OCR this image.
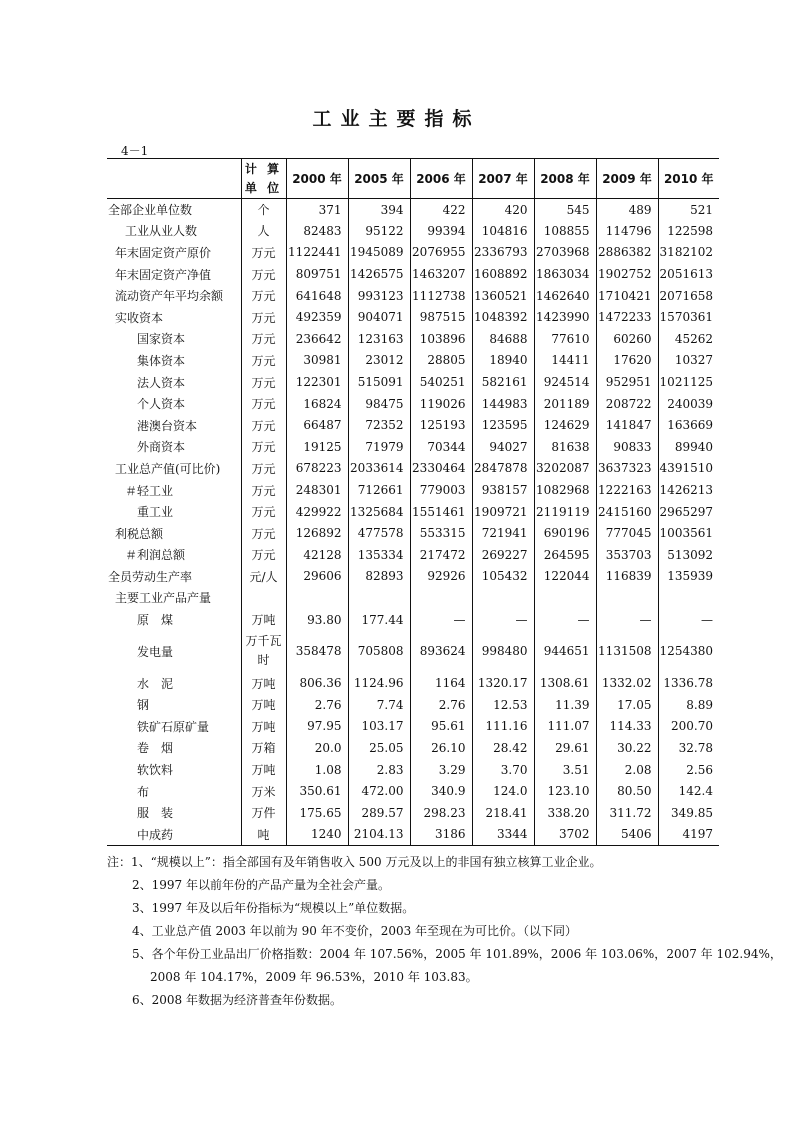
工业主要指标
4－1
	计 算 单 位	2000 年	2005 年	2006 年	2007 年	2008 年	2009 年	2010 年
全部企业单位数	个	371	394	422	420	545	489	521
工业从业人数	人	82483	95122	99394	104816	108855	114796	122598
年末固定资产原价	万元	1122441	1945089	2076955	2336793	2703968	2886382	3182102
年末固定资产净值	万元	809751	1426575	1463207	1608892	1863034	1902752	2051613
流动资产年平均余额	万元	641648	993123	1112738	1360521	1462640	1710421	2071658
实收资本	万元	492359	904071	987515	1048392	1423990	1472233	1570361
国家资本	万元	236642	123163	103896	84688	77610	60260	45262
集体资本	万元	30981	23012	28805	18940	14411	17620	10327
法人资本	万元	122301	515091	540251	582161	924514	952951	1021125
个人资本	万元	16824	98475	119026	144983	201189	208722	240039
港澳台资本	万元	66487	72352	125193	123595	124629	141847	163669
外商资本	万元	19125	71979	70344	94027	81638	90833	89940
工业总产值(可比价)	万元	678223	2033614	2330464	2847878	3202087	3637323	4391510
＃轻工业	万元	248301	712661	779003	938157	1082968	1222163	1426213
重工业	万元	429922	1325684	1551461	1909721	2119119	2415160	2965297
利税总额	万元	126892	477578	553315	721941	690196	777045	1003561
＃利润总额	万元	42128	135334	217472	269227	264595	353703	513092
全员劳动生产率	元/人	29606	82893	92926	105432	122044	116839	135939
主要工业产品产量								
原　煤	万吨	93.80	177.44	—	—	—	—	—
发电量	万千瓦时	358478	705808	893624	998480	944651	1131508	1254380
水　泥	万吨	806.36	1124.96	1164	1320.17	1308.61	1332.02	1336.78
钢	万吨	2.76	7.74	2.76	12.53	11.39	17.05	8.89
铁矿石原矿量	万吨	97.95	103.17	95.61	111.16	111.07	114.33	200.70
卷　烟	万箱	20.0	25.05	26.10	28.42	29.61	30.22	32.78
软饮料	万吨	1.08	2.83	3.29	3.70	3.51	2.08	2.56
布	万米	350.61	472.00	340.9	124.0	123.10	80.50	142.4
服　装	万件	175.65	289.57	298.23	218.41	338.20	311.72	349.85
中成药	吨	1240	2104.13	3186	3344	3702	5406	4197
注：1、“规模以上”：指全部国有及年销售收入 500 万元及以上的非国有独立核算工业企业。
2、1997 年以前年份的产品产量为全社会产量。
3、1997 年及以后年份指标为“规模以上”单位数据。
4、工业总产值 2003 年以前为 90 年不变价，2003 年至现在为可比价。（以下同）
5、各个年份工业品出厂价格指数：2004 年 107.56%，2005 年 101.89%，2006 年 103.06%，2007 年 102.94%，
2008 年 104.17%，2009 年 96.53%，2010 年 103.83。
6、2008 年数据为经济普查年份数据。
